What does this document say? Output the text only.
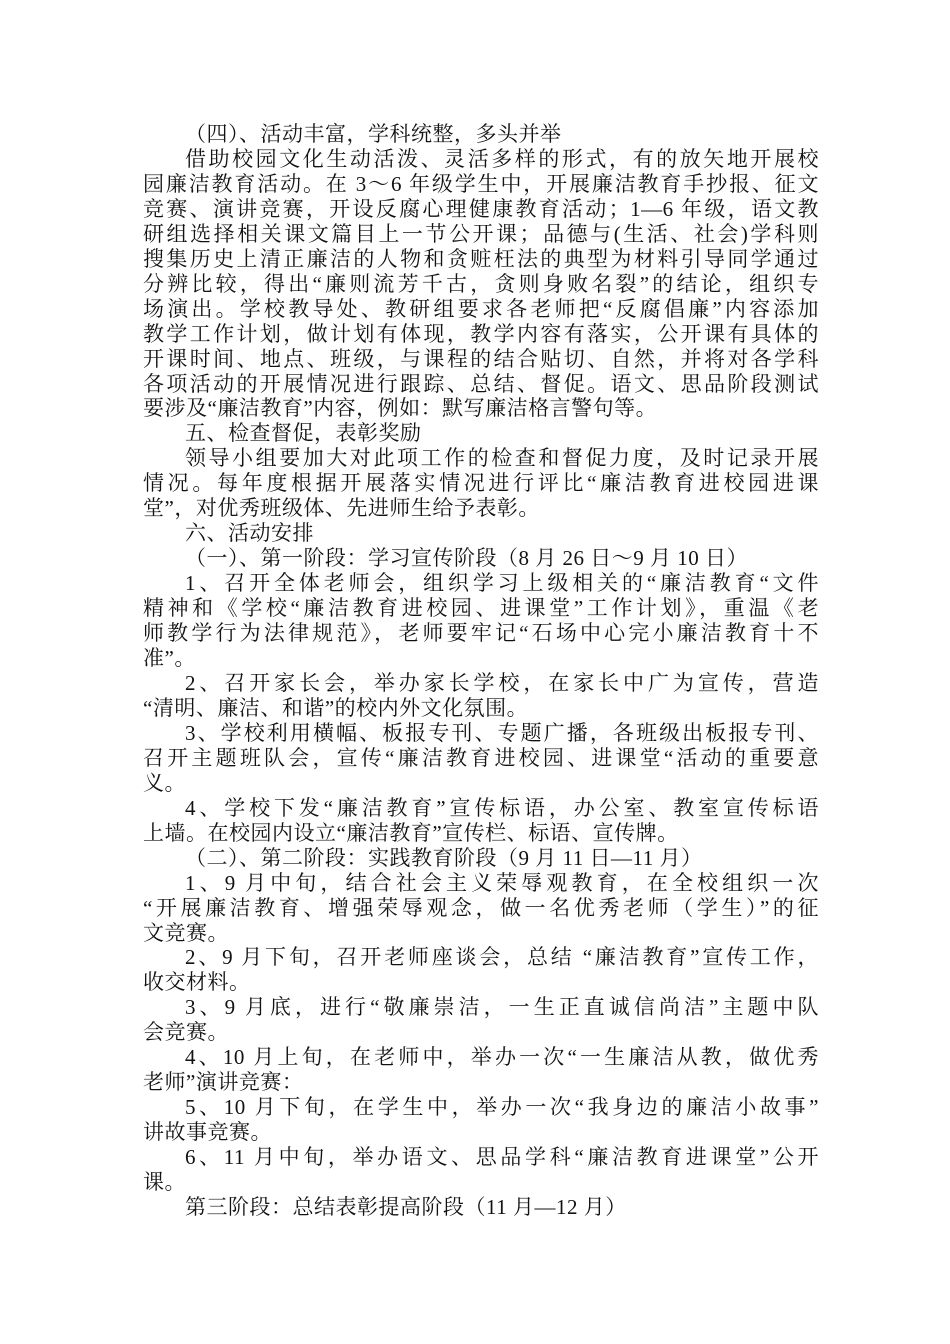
（四）、活动丰富，学科统整，多头并举
借助校园文化生动活泼、灵活多样的形式，有的放矢地开展校
园廉洁教育活动。在 3～6 年级学生中，开展廉洁教育手抄报、征文
竞赛、演讲竞赛，开设反腐心理健康教育活动；1—6 年级，语文教
研组选择相关课文篇目上一节公开课；品德与(生活、社会)学科则
搜集历史上清正廉洁的人物和贪赃枉法的典型为材料引导同学通过
分辨比较，得出“廉则流芳千古，贪则身败名裂”的结论，组织专
场演出。学校教导处、教研组要求各老师把“反腐倡廉”内容添加
教学工作计划，做计划有体现，教学内容有落实，公开课有具体的
开课时间、地点、班级，与课程的结合贴切、自然，并将对各学科
各项活动的开展情况进行跟踪、总结、督促。语文、思品阶段测试
要涉及“廉洁教育”内容，例如：默写廉洁格言警句等。
五、检查督促，表彰奖励
领导小组要加大对此项工作的检查和督促力度，及时记录开展
情况。每年度根据开展落实情况进行评比“廉洁教育进校园进课
堂”，对优秀班级体、先进师生给予表彰。
六、活动安排
（一）、第一阶段：学习宣传阶段（8 月 26 日～9 月 10 日）
1、召开全体老师会，组织学习上级相关的“廉洁教育“文件
精神和《学校“廉洁教育进校园、进课堂”工作计划》，重温《老
师教学行为法律规范》，老师要牢记“石场中心完小廉洁教育十不
准”。
2、召开家长会，举办家长学校，在家长中广为宣传，营造
“清明、廉洁、和谐”的校内外文化氛围。
3、学校利用横幅、板报专刊、专题广播，各班级出板报专刊、
召开主题班队会，宣传“廉洁教育进校园、进课堂“活动的重要意
义。
4、学校下发“廉洁教育”宣传标语，办公室、教室宣传标语
上墙。在校园内设立“廉洁教育”宣传栏、标语、宣传牌。
（二）、第二阶段：实践教育阶段（9 月 11 日—11 月）
1、9 月中旬，结合社会主义荣辱观教育，在全校组织一次
“开展廉洁教育、增强荣辱观念，做一名优秀老师（学生）”的征
文竞赛。
2、9 月下旬，召开老师座谈会，总结 “廉洁教育”宣传工作，
收交材料。
3、9 月底，进行“敬廉崇洁，一生正直诚信尚洁”主题中队
会竞赛。
4、10 月上旬，在老师中，举办一次“一生廉洁从教，做优秀
老师”演讲竞赛：
5、10 月下旬，在学生中，举办一次“我身边的廉洁小故事”
讲故事竞赛。
6、11 月中旬，举办语文、思品学科“廉洁教育进课堂”公开
课。
第三阶段：总结表彰提高阶段（11 月—12 月）
